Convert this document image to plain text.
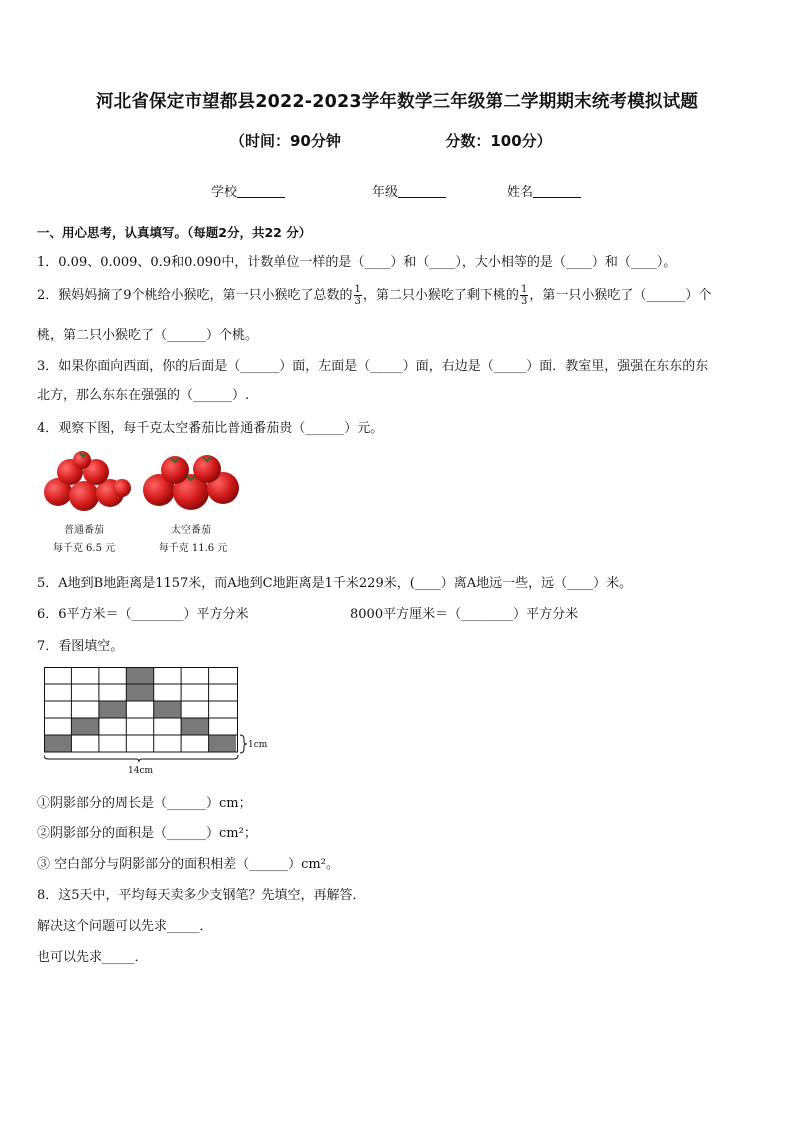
河北省保定市望都县2022-2023学年数学三年级第二学期期末统考模拟试题
（时间：90分钟                    分数：100分）
学校	年级	姓名
一、用心思考，认真填写。（每题2分，共22 分）
1．0.09、0.009、0.9和0.090中，计数单位一样的是（____）和（____），大小相等的是（____）和（____）。
2．猴妈妈摘了9个桃给小猴吃，第一只小猴吃了总数的 $\frac{1}{3}$ ，第二只小猴吃了剩下桃的 $\frac{1}{3}$ ，第一只小猴吃了（______）个
桃，第二只小猴吃了（______）个桃。
3．如果你面向西面，你的后面是（______）面，左面是（_____）面，右边是（_____）面．教室里，强强在东东的东
北方，那么东东在强强的（______）.
4．观察下图，每千克太空番茄比普通番茄贵（______）元。
普通番茄
每千克 6.5 元
太空番茄
每千克 11.6 元
5．A地到B地距离是1157米，而A地到C地距离是1千米229米，(____）离A地远一些，远（____）米。
6．6平方米＝（________）平方分米	8000平方厘米＝（________）平方分米
7．看图填空。
1cm
14cm
①阴影部分的周长是（______）cm；
②阴影部分的面积是（______）cm²；
③ 空白部分与阴影部分的面积相差（______）cm²。
8．这5天中，平均每天卖多少支钢笔？先填空，再解答．
解决这个问题可以先求_____．
也可以先求_____．
